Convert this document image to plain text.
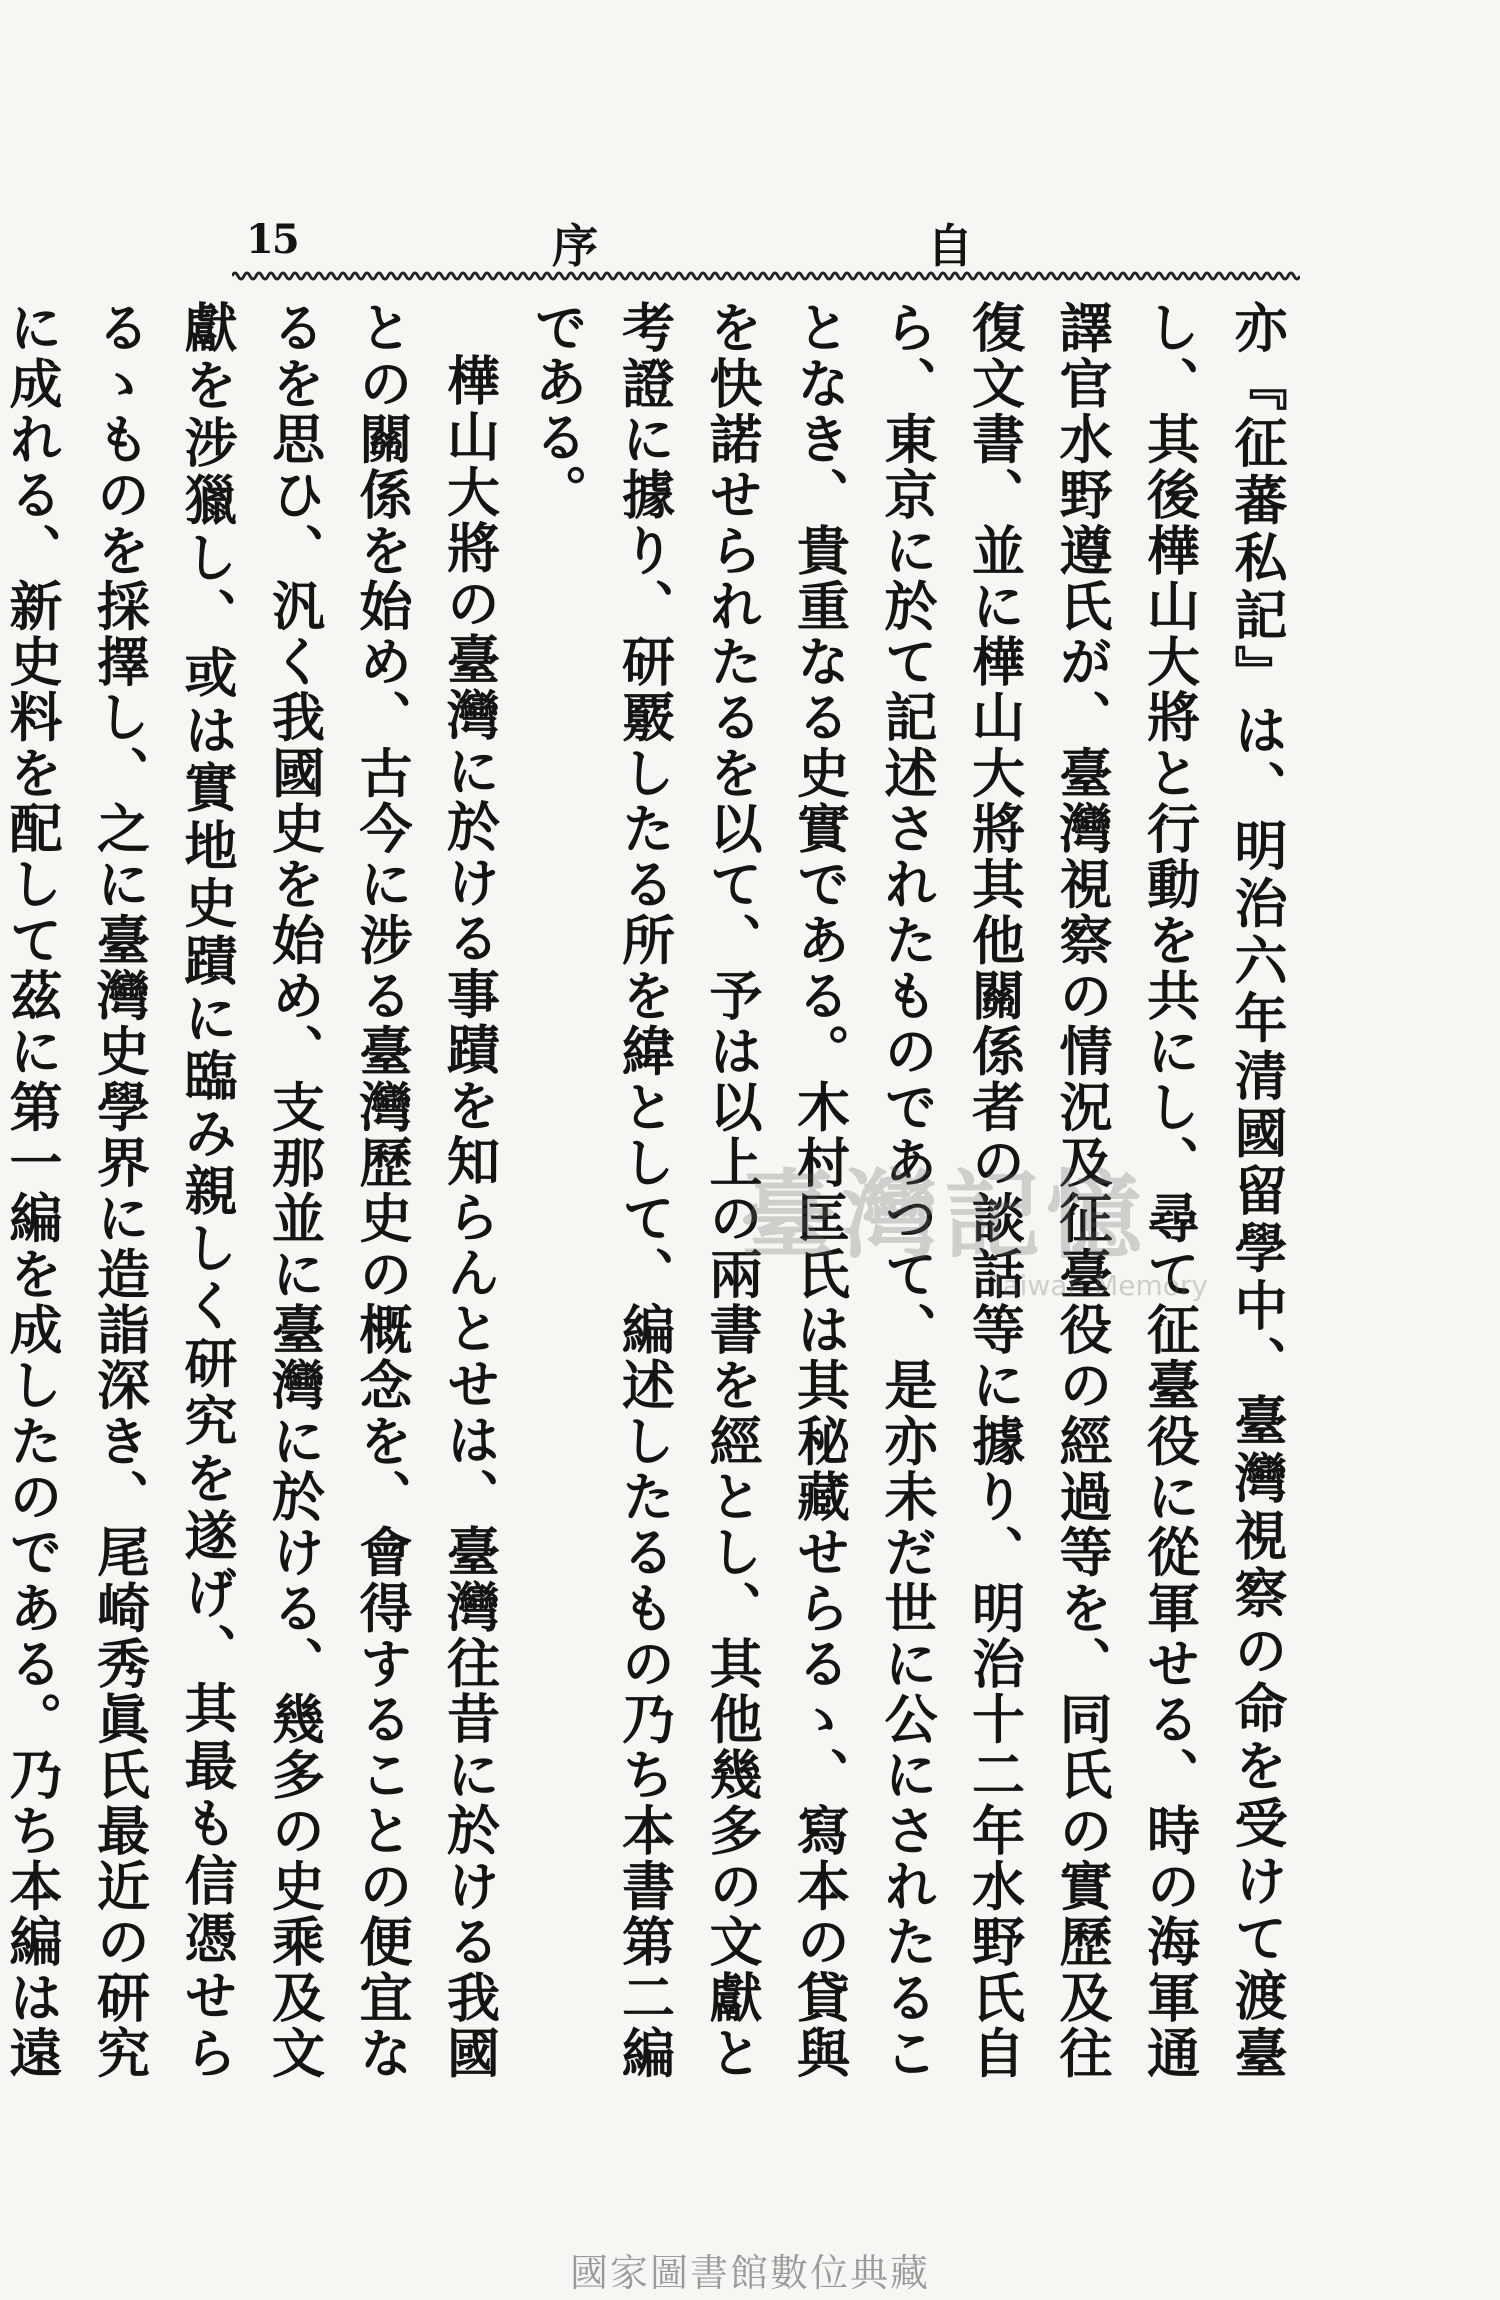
15	序	自

亦『征蕃私記』は、明治六年清國留學中、臺灣視察の命を受けて渡臺し、其後樺山大將と行動を共にし、尋て征臺役に從軍せる、時の海軍通譯官水野遵氏が、臺灣視察の情況及征臺役の經過等を、同氏の實歷及往復文書、並に樺山大將其他關係者の談話等に據り、明治十二年水野氏自ら、東京に於て記述されたものであつて、是亦未だ世に公にされたることなき、貴重なる史實である。木村匡氏は其秘藏せらるゝ、寫本の貸與を快諾せられたるを以て、予は以上の兩書を經とし、其他幾多の文獻と考證に據り、研覈したる所を緯として、編述したるもの乃ち本書第二編である。

樺山大將の臺灣に於ける事蹟を知らんとせは、臺灣往昔に於ける我國との關係を始め、古今に涉る臺灣歷史の概念を、會得することの便宜なるを思ひ、汎く我國史を始め、支那並に臺灣に於ける、幾多の史乘及文獻を涉獵し、或は實地史蹟に臨み親しく研究を遂げ、其最も信憑せらるゝものを採擇し、之に臺灣史學界に造詣深き、尾崎秀眞氏最近の研究に成れる、新史料を配して茲に第一編を成したのである。乃ち本編は遠

臺灣記憶
Taiwan Memory
國家圖書館數位典藏
